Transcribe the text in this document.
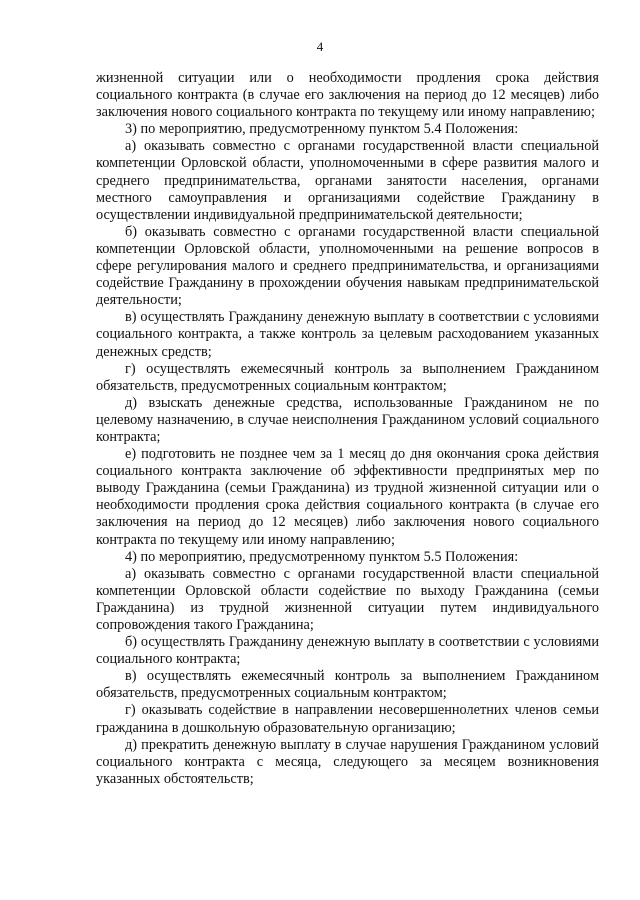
4

жизненной ситуации или о необходимости продления срока действия социального контракта (в случае его заключения на период до 12 месяцев) либо заключения нового социального контракта по текущему или иному направлению;

3) по мероприятию, предусмотренному пунктом 5.4 Положения:

а) оказывать совместно с органами государственной власти специальной компетенции Орловской области, уполномоченными в сфере развития малого и среднего предпринимательства, органами занятости населения, органами местного самоуправления и организациями содействие Гражданину в осуществлении индивидуальной предпринимательской деятельности;

б) оказывать совместно с органами государственной власти специальной компетенции Орловской области, уполномоченными на решение вопросов в сфере регулирования малого и среднего предпринимательства, и организациями содействие Гражданину в прохождении обучения навыкам предпринимательской деятельности;

в) осуществлять Гражданину денежную выплату в соответствии с условиями социального контракта, а также контроль за целевым расходованием указанных денежных средств;

г) осуществлять ежемесячный контроль за выполнением Гражданином обязательств, предусмотренных социальным контрактом;

д) взыскать денежные средства, использованные Гражданином не по целевому назначению, в случае неисполнения Гражданином условий социального контракта;

е) подготовить не позднее чем за 1 месяц до дня окончания срока действия социального контракта заключение об эффективности предпринятых мер по выводу Гражданина (семьи Гражданина) из трудной жизненной ситуации или о необходимости продления срока действия социального контракта (в случае его заключения на период до 12 месяцев) либо заключения нового социального контракта по текущему или иному направлению;

4) по мероприятию, предусмотренному пунктом 5.5 Положения:

а) оказывать совместно с органами государственной власти специальной компетенции Орловской области содействие по выходу Гражданина (семьи Гражданина) из трудной жизненной ситуации путем индивидуального сопровождения такого Гражданина;

б) осуществлять Гражданину денежную выплату в соответствии с условиями социального контракта;

в) осуществлять ежемесячный контроль за выполнением Гражданином обязательств, предусмотренных социальным контрактом;

г) оказывать содействие в направлении несовершеннолетних членов семьи гражданина в дошкольную образовательную организацию;

д) прекратить денежную выплату в случае нарушения Гражданином условий социального контракта с месяца, следующего за месяцем возникновения указанных обстоятельств;
